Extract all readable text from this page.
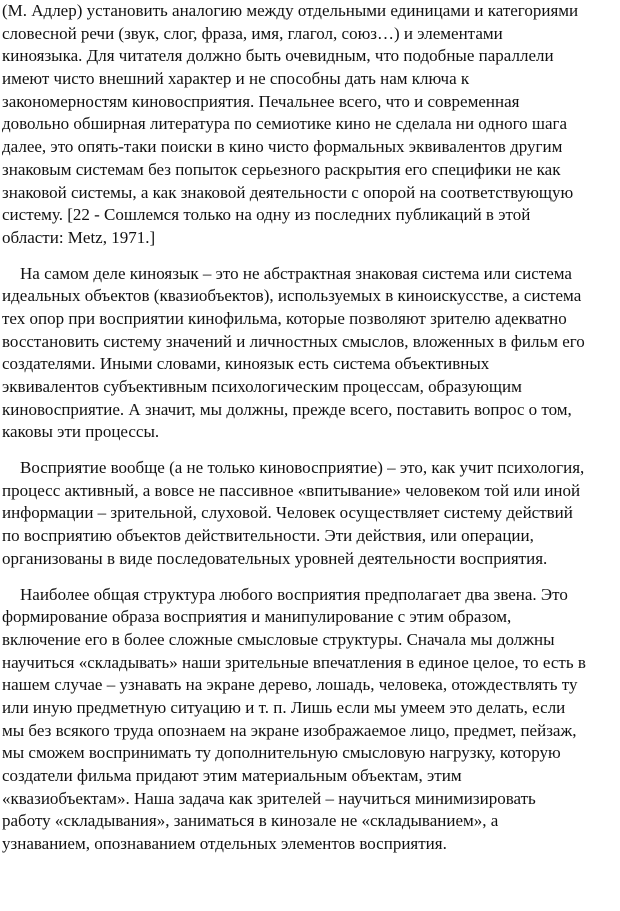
(М. Адлер) установить аналогию между отдельными единицами и категориями
словесной речи (звук, слог, фраза, имя, глагол, союз…) и элементами
киноязыка. Для читателя должно быть очевидным, что подобные параллели
имеют чисто внешний характер и не способны дать нам ключа к
закономерностям киновосприятия. Печальнее всего, что и современная
довольно обширная литература по семиотике кино не сделала ни одного шага
далее, это опять-таки поиски в кино чисто формальных эквивалентов другим
знаковым системам без попыток серьезного раскрытия его специфики не как
знаковой системы, а как знаковой деятельности с опорой на соответствующую
систему. [22 - Сошлемся только на одну из последних публикаций в этой
области: Metz, 1971.]

На самом деле киноязык – это не абстрактная знаковая система или система
идеальных объектов (квазиобъектов), используемых в киноискусстве, а система
тех опор при восприятии кинофильма, которые позволяют зрителю адекватно
восстановить систему значений и личностных смыслов, вложенных в фильм его
создателями. Иными словами, киноязык есть система объективных
эквивалентов субъективным психологическим процессам, образующим
киновосприятие. А значит, мы должны, прежде всего, поставить вопрос о том,
каковы эти процессы.

Восприятие вообще (а не только киновосприятие) – это, как учит психология,
процесс активный, а вовсе не пассивное «впитывание» человеком той или иной
информации – зрительной, слуховой. Человек осуществляет систему действий
по восприятию объектов действительности. Эти действия, или операции,
организованы в виде последовательных уровней деятельности восприятия.

Наиболее общая структура любого восприятия предполагает два звена. Это
формирование образа восприятия и манипулирование с этим образом,
включение его в более сложные смысловые структуры. Сначала мы должны
научиться «складывать» наши зрительные впечатления в единое целое, то есть в
нашем случае – узнавать на экране дерево, лошадь, человека, отождествлять ту
или иную предметную ситуацию и т. п. Лишь если мы умеем это делать, если
мы без всякого труда опознаем на экране изображаемое лицо, предмет, пейзаж,
мы сможем воспринимать ту дополнительную смысловую нагрузку, которую
создатели фильма придают этим материальным объектам, этим
«квазиобъектам». Наша задача как зрителей – научиться минимизировать
работу «складывания», заниматься в кинозале не «складыванием», а
узнаванием, опознаванием отдельных элементов восприятия.
